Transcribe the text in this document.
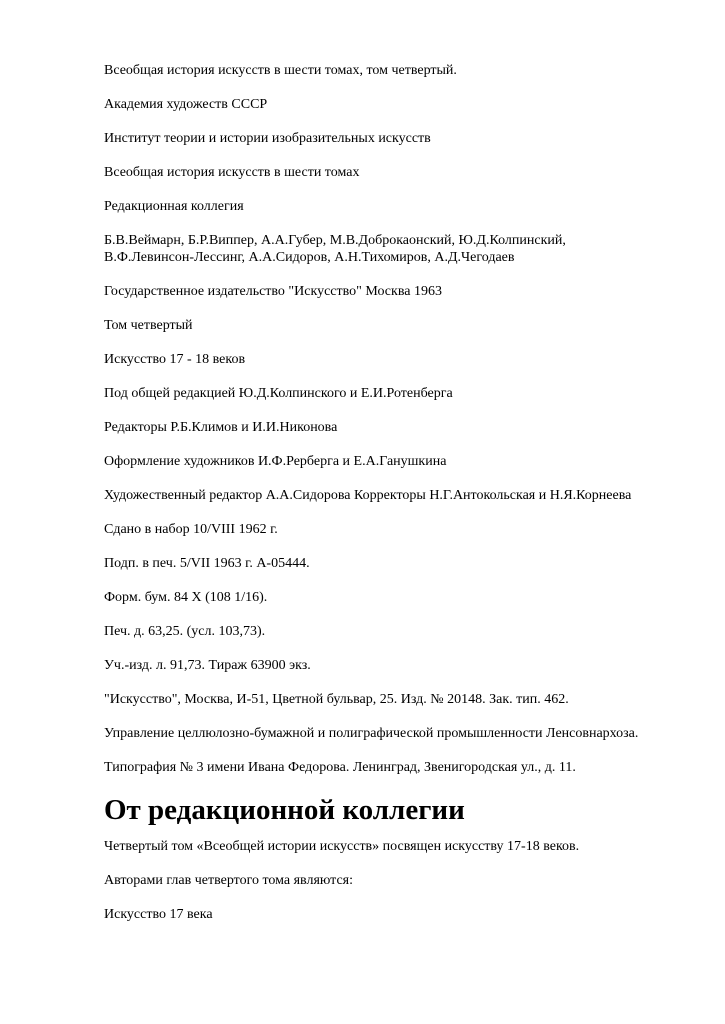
Всеобщая история искусств в шести томах, том четвертый.

Академия художеств СССР

Институт теории и истории изобразительных искусств

Всеобщая история искусств в шести томах

Редакционная коллегия

Б.В.Веймарн, Б.Р.Виппер, А.А.Губер, М.В.Доброкаонский, Ю.Д.Колпинский,
В.Ф.Левинсон-Лессинг, А.А.Сидоров, А.Н.Тихомиров, А.Д.Чегодаев

Государственное издательство "Искусство" Москва 1963

Том четвертый

Искусство 17 - 18 веков

Под общей редакцией Ю.Д.Колпинского и Е.И.Ротенберга

Редакторы Р.Б.Климов и И.И.Никонова

Оформление художников И.Ф.Рерберга и Е.А.Ганушкина

Художественный редактор А.А.Сидорова Корректоры Н.Г.Антокольская и Н.Я.Корнеева

Сдано в набор 10/VIII 1962 г.

Подп. в печ. 5/VII 1963 г. А-05444.

Форм. бум. 84 Х (108 1/16).

Печ. д. 63,25. (усл. 103,73).

Уч.-изд. л. 91,73. Тираж 63900 экз.

"Искусство", Москва, И-51, Цветной бульвар, 25. Изд. № 20148. Зак. тип. 462.

Управление целлюлозно-бумажной и полиграфической промышленности Ленсовнархоза.

Типография № 3 имени Ивана Федорова. Ленинград, Звенигородская ул., д. 11.

От редакционной коллегии

Четвертый том «Всеобщей истории искусств» посвящен искусству 17-18 веков.

Авторами глав четвертого тома являются:

Искусство 17 века
